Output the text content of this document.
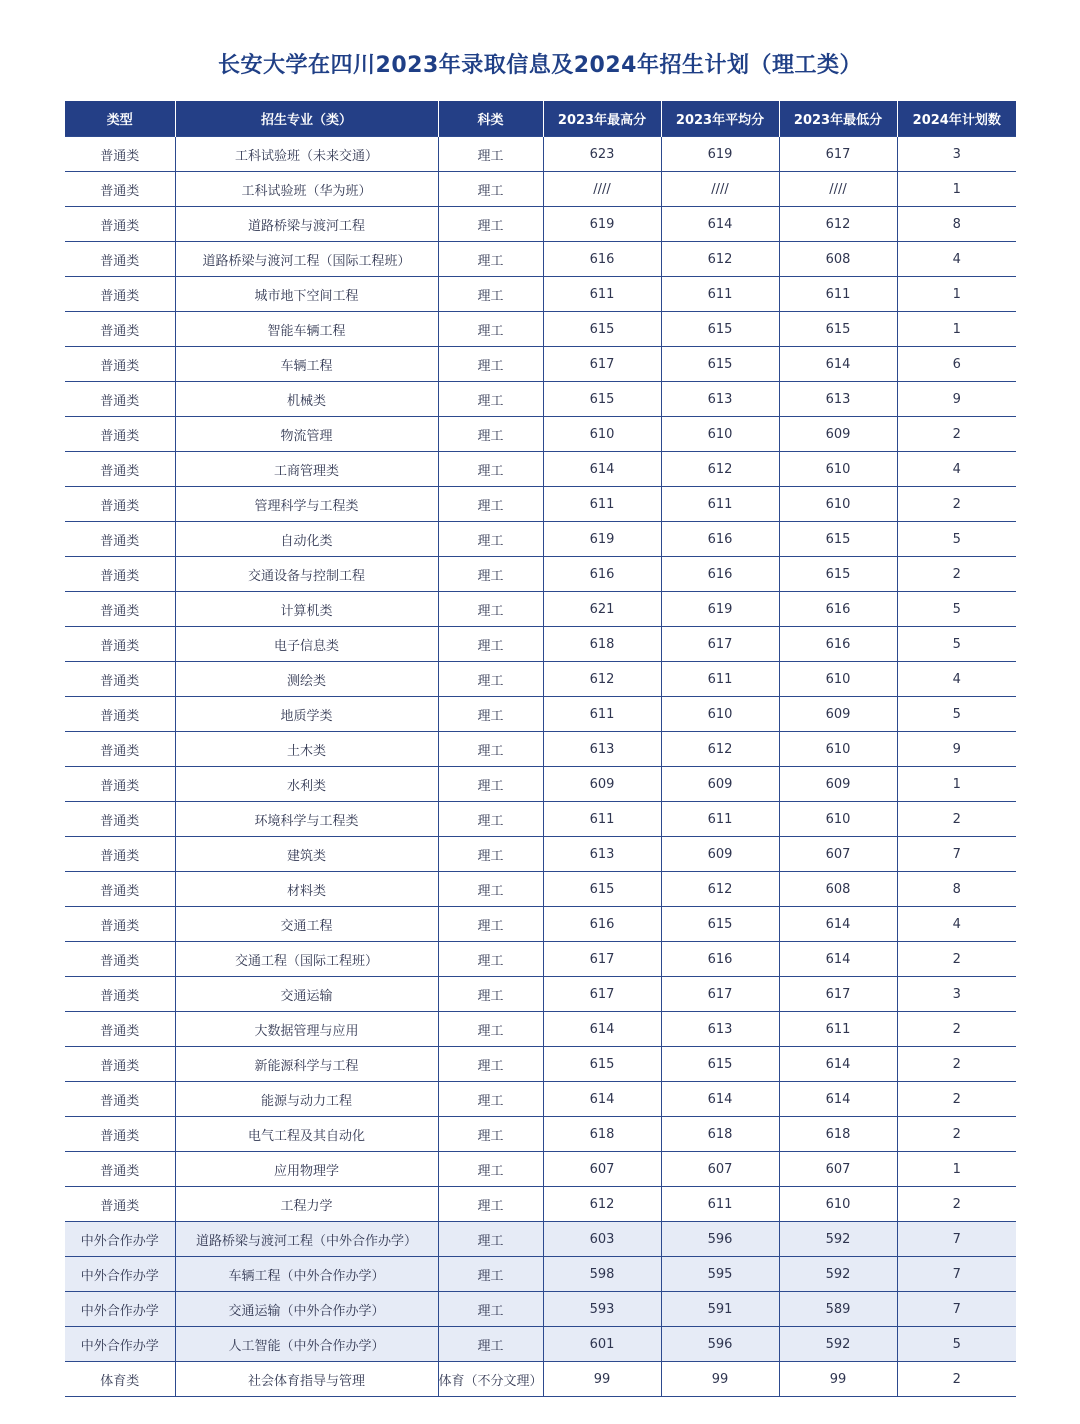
长安大学在四川2023年录取信息及2024年招生计划（理工类）
类型	招生专业（类）	科类	2023年最高分	2023年平均分	2023年最低分	2024年计划数
普通类	工科试验班（未来交通）	理工	623	619	617	3
普通类	工科试验班（华为班）	理工	////	////	////	1
普通类	道路桥梁与渡河工程	理工	619	614	612	8
普通类	道路桥梁与渡河工程（国际工程班）	理工	616	612	608	4
普通类	城市地下空间工程	理工	611	611	611	1
普通类	智能车辆工程	理工	615	615	615	1
普通类	车辆工程	理工	617	615	614	6
普通类	机械类	理工	615	613	613	9
普通类	物流管理	理工	610	610	609	2
普通类	工商管理类	理工	614	612	610	4
普通类	管理科学与工程类	理工	611	611	610	2
普通类	自动化类	理工	619	616	615	5
普通类	交通设备与控制工程	理工	616	616	615	2
普通类	计算机类	理工	621	619	616	5
普通类	电子信息类	理工	618	617	616	5
普通类	测绘类	理工	612	611	610	4
普通类	地质学类	理工	611	610	609	5
普通类	土木类	理工	613	612	610	9
普通类	水利类	理工	609	609	609	1
普通类	环境科学与工程类	理工	611	611	610	2
普通类	建筑类	理工	613	609	607	7
普通类	材料类	理工	615	612	608	8
普通类	交通工程	理工	616	615	614	4
普通类	交通工程（国际工程班）	理工	617	616	614	2
普通类	交通运输	理工	617	617	617	3
普通类	大数据管理与应用	理工	614	613	611	2
普通类	新能源科学与工程	理工	615	615	614	2
普通类	能源与动力工程	理工	614	614	614	2
普通类	电气工程及其自动化	理工	618	618	618	2
普通类	应用物理学	理工	607	607	607	1
普通类	工程力学	理工	612	611	610	2
中外合作办学	道路桥梁与渡河工程（中外合作办学）	理工	603	596	592	7
中外合作办学	车辆工程（中外合作办学）	理工	598	595	592	7
中外合作办学	交通运输（中外合作办学）	理工	593	591	589	7
中外合作办学	人工智能（中外合作办学）	理工	601	596	592	5
体育类	社会体育指导与管理	体育（不分文理）	99	99	99	2
